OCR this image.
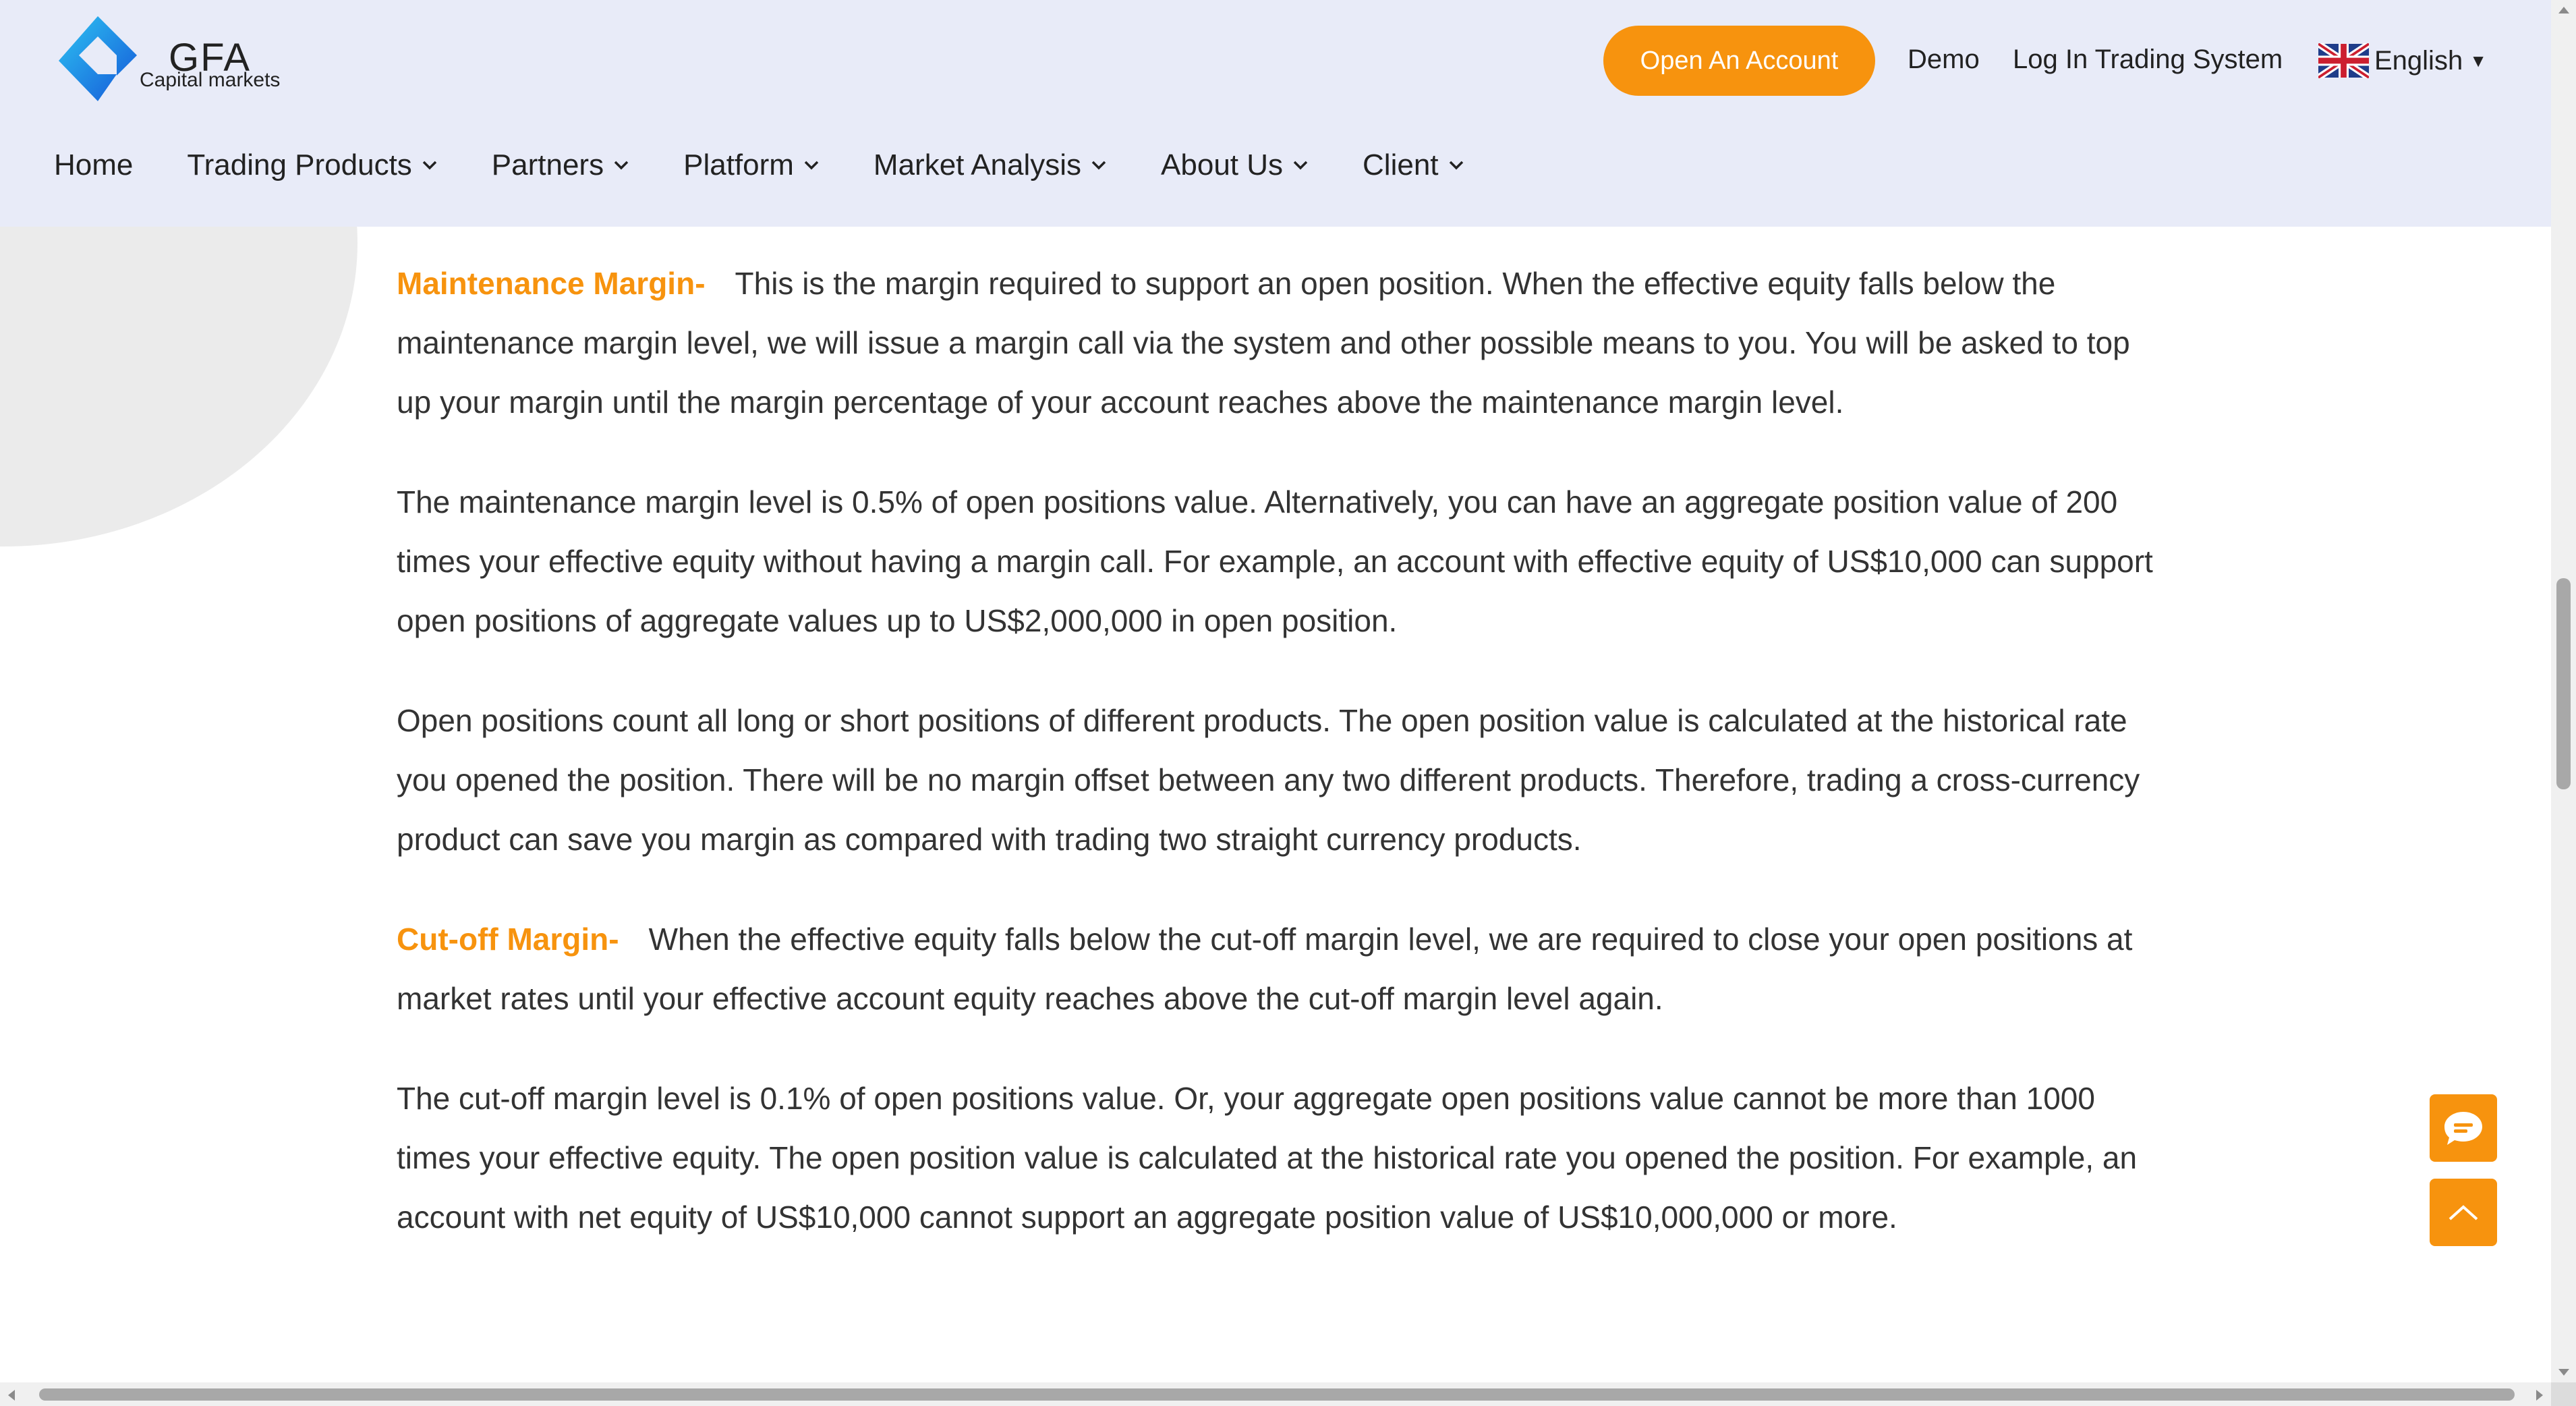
GFA
Capital markets
Open An Account	Demo Log In Trading System	English ▼
Home Trading Products	Partners	Platform	Market Analysis	About Us	Client

Maintenance Margin- This is the margin required to support an open position. When the effective equity falls below the maintenance margin level, we will issue a margin call via the system and other possible means to you. You will be asked to top up your margin until the margin percentage of your account reaches above the maintenance margin level.

The maintenance margin level is 0.5% of open positions value. Alternatively, you can have an aggregate position value of 200 times your effective equity without having a margin call. For example, an account with effective equity of US$10,000 can support open positions of aggregate values up to US$2,000,000 in open position.

Open positions count all long or short positions of different products. The open position value is calculated at the historical rate you opened the position. There will be no margin offset between any two different products. Therefore, trading a cross-currency product can save you margin as compared with trading two straight currency products.

Cut-off Margin- When the effective equity falls below the cut-off margin level, we are required to close your open positions at market rates until your effective account equity reaches above the cut-off margin level again.

The cut-off margin level is 0.1% of open positions value. Or, your aggregate open positions value cannot be more than 1000 times your effective equity. The open position value is calculated at the historical rate you opened the position. For example, an account with net equity of US$10,000 cannot support an aggregate position value of US$10,000,000 or more.
